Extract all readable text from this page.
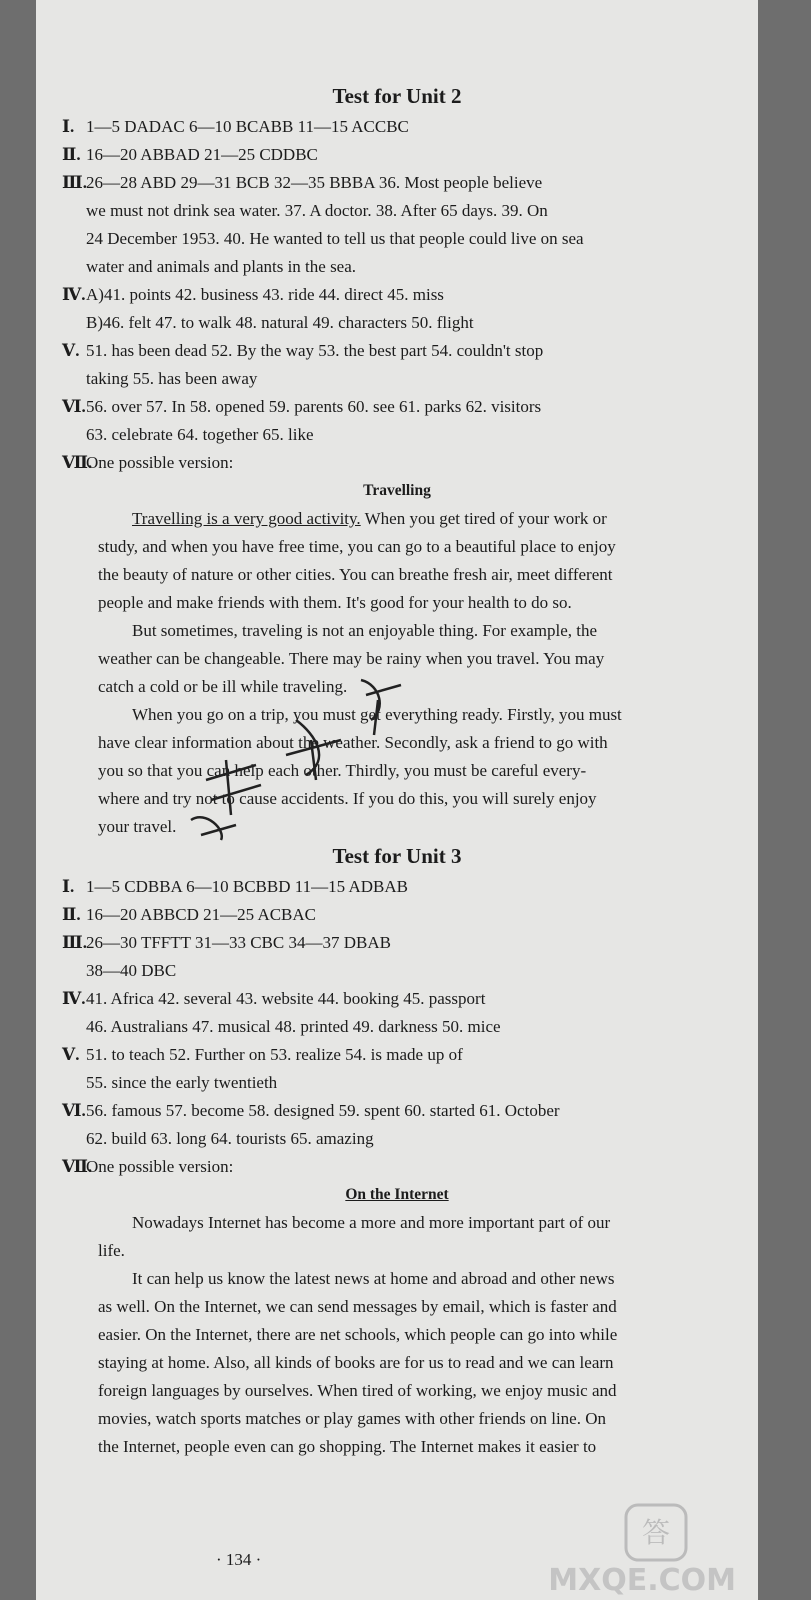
Test for Unit 2
Ⅰ. 1—5 DADAC 6—10 BCABB 11—15 ACCBC
Ⅱ. 16—20 ABBAD 21—25 CDDBC
Ⅲ.26—28 ABD 29—31 BCB 32—35 BBBA 36. Most people believe
we must not drink sea water. 37. A doctor. 38. After 65 days. 39. On
24 December 1953. 40. He wanted to tell us that people could live on sea
water and animals and plants in the sea.
Ⅳ.A)41. points 42. business 43. ride 44. direct 45. miss
B)46. felt 47. to walk 48. natural 49. characters 50. flight
Ⅴ. 51. has been dead 52. By the way 53. the best part 54. couldn't stop
taking 55. has been away
Ⅵ.56. over 57. In 58. opened 59. parents 60. see 61. parks 62. visitors
63. celebrate 64. together 65. like
Ⅶ.One possible version:
Travelling
Travelling is a very good activity. When you get tired of your work or
study, and when you have free time, you can go to a beautiful place to enjoy
the beauty of nature or other cities. You can breathe fresh air, meet different
people and make friends with them. It's good for your health to do so.
But sometimes, traveling is not an enjoyable thing. For example, the
weather can be changeable. There may be rainy when you travel. You may
catch a cold or be ill while traveling.
When you go on a trip, you must get everything ready. Firstly, you must
have clear information about the weather. Secondly, ask a friend to go with
you so that you can help each other. Thirdly, you must be careful every-
where and try not to cause accidents. If you do this, you will surely enjoy
your travel.
Test for Unit 3
Ⅰ. 1—5 CDBBA 6—10 BCBBD 11—15 ADBAB
Ⅱ. 16—20 ABBCD 21—25 ACBAC
Ⅲ.26—30 TFFTT 31—33 CBC 34—37 DBAB
38—40 DBC
Ⅳ.41. Africa 42. several 43. website 44. booking 45. passport
46. Australians 47. musical 48. printed 49. darkness 50. mice
Ⅴ. 51. to teach 52. Further on 53. realize 54. is made up of
55. since the early twentieth
Ⅵ.56. famous 57. become 58. designed 59. spent 60. started 61. October
62. build 63. long 64. tourists 65. amazing
Ⅶ.One possible version:
On the Internet
Nowadays Internet has become a more and more important part of our
life.
It can help us know the latest news at home and abroad and other news
as well. On the Internet, we can send messages by email, which is faster and
easier. On the Internet, there are net schools, which people can go into while
staying at home. Also, all kinds of books are for us to read and we can learn
foreign languages by ourselves. When tired of working, we enjoy music and
movies, watch sports matches or play games with other friends on line. On
the Internet, people even can go shopping. The Internet makes it easier to
· 134 ·
答
MXQE.COM
